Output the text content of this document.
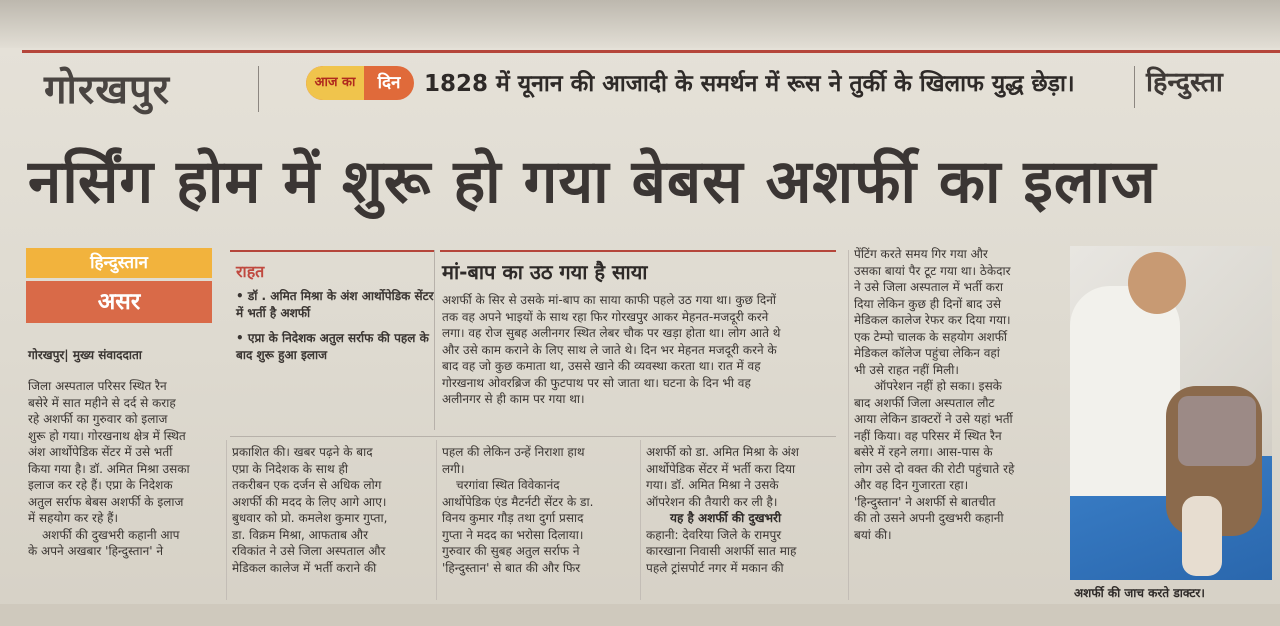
गोरखपुर	आज का	दिन	1828 में यूनान की आजादी के समर्थन में रूस ने तुर्की के खिलाफ युद्ध छेड़ा।	हिन्दुस्ता
नर्सिंग होम में शुरू हो गया बेबस अशर्फी का इलाज
हिन्दुस्तान
असर
गोरखपुर| मुख्य संवाददाता
राहत
• डॉ . अमित मिश्रा के अंश आर्थोपेडिक सेंटर में भर्ती है अशर्फी
• एप्रा के निदेशक अतुल सर्राफ की पहल के बाद शुरू हुआ इलाज
मां-बाप का उठ गया है साया
अशर्फी के सिर से उसके मां-बाप का साया काफी पहले उठ गया था। कुछ दिनों
तक वह अपने भाइयों के साथ रहा फिर गोरखपुर आकर मेहनत-मजदूरी करने
लगा। वह रोज सुबह अलीनगर स्थित लेबर चौक पर खड़ा होता था। लोग आते थे
और उसे काम कराने के लिए साथ ले जाते थे। दिन भर मेहनत मजदूरी करने के
बाद वह जो कुछ कमाता था, उससे खाने की व्यवस्था करता था। रात में वह
गोरखनाथ ओवरब्रिज की फुटपाथ पर सो जाता था। घटना के दिन भी वह
अलीनगर से ही काम पर गया था।
जिला अस्पताल परिसर स्थित रैन
बसेरे में सात महीने से दर्द से कराह
रहे अशर्फी का गुरुवार को इलाज
शुरू हो गया। गोरखनाथ क्षेत्र में स्थित
अंश आर्थोपेडिक सेंटर में उसे भर्ती
किया गया है। डॉ. अमित मिश्रा उसका
इलाज कर रहे हैं। एप्रा के निदेशक
अतुल सर्राफ बेबस अशर्फी के इलाज
में सहयोग कर रहे हैं।
अशर्फी की दुखभरी कहानी आप
के अपने अखबार 'हिन्दुस्तान' ने
प्रकाशित की। खबर पढ़ने के बाद
एप्रा के निदेशक के साथ ही
तकरीबन एक दर्जन से अधिक लोग
अशर्फी की मदद के लिए आगे आए।
बुधवार को प्रो. कमलेश कुमार गुप्ता,
डा. विक्रम मिश्रा, आफताब और
रविकांत ने उसे जिला अस्पताल और
मेडिकल कालेज में भर्ती कराने की
पहल की लेकिन उन्हें निराशा हाथ
लगी।
चरगांवा स्थित विवेकानंद
आर्थोपेडिक एंड मैटर्नटी सेंटर के डा.
विनय कुमार गौड़ तथा दुर्गा प्रसाद
गुप्ता ने मदद का भरोसा दिलाया।
गुरुवार की सुबह अतुल सर्राफ ने
'हिन्दुस्तान' से बात की और फिर
अशर्फी को डा. अमित मिश्रा के अंश
आर्थोपेडिक सेंटर में भर्ती करा दिया
गया। डॉ. अमित मिश्रा ने उसके
ऑपरेशन की तैयारी कर ली है।
यह है अशर्फी की दुखभरी
कहानी: देवरिया जिले के रामपुर
कारखाना निवासी अशर्फी सात माह
पहले ट्रांसपोर्ट नगर में मकान की
पेंटिंग करते समय गिर गया और
उसका बायां पैर टूट गया था। ठेकेदार
ने उसे जिला अस्पताल में भर्ती करा
दिया लेकिन कुछ ही दिनों बाद उसे
मेडिकल कालेज रेफर कर दिया गया।
एक टेम्पो चालक के सहयोग अशर्फी
मेडिकल कॉलेज पहुंचा लेकिन वहां
भी उसे राहत नहीं मिली।
ऑपरेशन नहीं हो सका। इसके
बाद अशर्फी जिला अस्पताल लौट
आया लेकिन डाक्टरों ने उसे यहां भर्ती
नहीं किया। वह परिसर में स्थित रैन
बसेरे में रहने लगा। आस-पास के
लोग उसे दो वक्त की रोटी पहुंचाते रहे
और वह दिन गुजारता रहा।
'हिन्दुस्तान' ने अशर्फी से बातचीत
की तो उसने अपनी दुखभरी कहानी
बयां की।
अशर्फी की जाच करते डाक्टर।
